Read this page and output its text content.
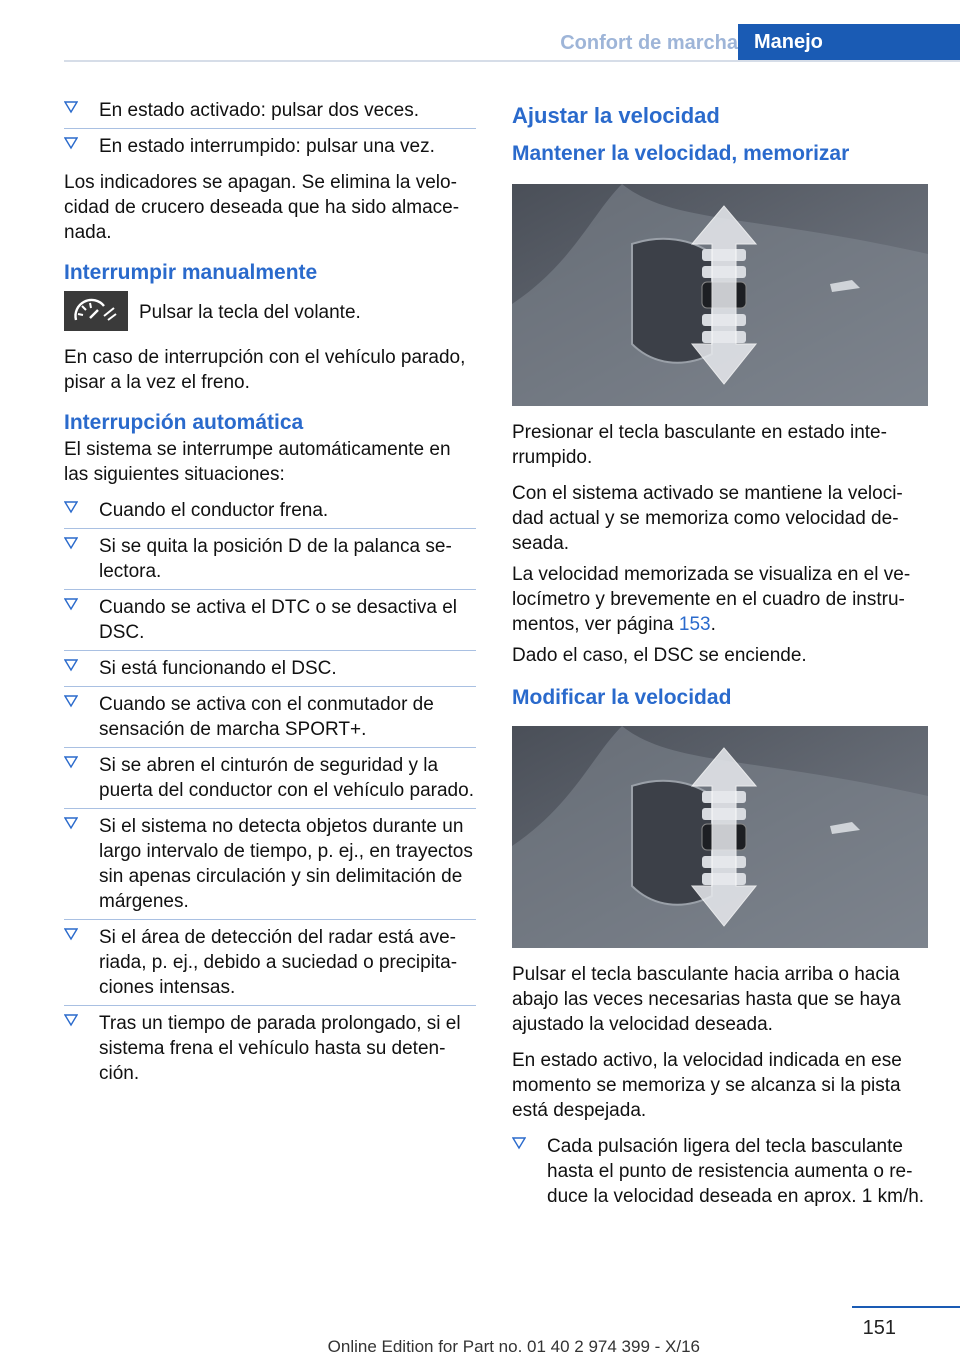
Confort de marcha Manejo
En estado activado: pulsar dos veces.
En estado interrumpido: pulsar una vez.

Los indicadores se apagan. Se elimina la velocidad de crucero deseada que ha sido almacenada.

Interrumpir manualmente
Pulsar la tecla del volante.

En caso de interrupción con el vehículo parado, pisar a la vez el freno.

Interrupción automática

El sistema se interrumpe automáticamente en las siguientes situaciones:

Cuando el conductor frena.
Si se quita la posición D de la palanca selectora.
Cuando se activa el DTC o se desactiva el DSC.
Si está funcionando el DSC.
Cuando se activa con el conmutador de sensación de marcha SPORT+.
Si se abren el cinturón de seguridad y la puerta del conductor con el vehículo parado.
Si el sistema no detecta objetos durante un largo intervalo de tiempo, p. ej., en trayectos sin apenas circulación y sin delimitación de márgenes.
Si el área de detección del radar está averiada, p. ej., debido a suciedad o precipitaciones intensas.
Tras un tiempo de parada prolongado, si el sistema frena el vehículo hasta su detención.
Ajustar la velocidad
Mantener la velocidad, memorizar

Presionar el tecla basculante en estado interrumpido.

Con el sistema activado se mantiene la velocidad actual y se memoriza como velocidad deseada.

La velocidad memorizada se visualiza en el velocímetro y brevemente en el cuadro de instrumentos, ver página 153.

Dado el caso, el DSC se enciende.

Modificar la velocidad

Pulsar el tecla basculante hacia arriba o hacia abajo las veces necesarias hasta que se haya ajustado la velocidad deseada.

En estado activo, la velocidad indicada en ese momento se memoriza y se alcanza si la pista está despejada.

Cada pulsación ligera del tecla basculante hasta el punto de resistencia aumenta o reduce la velocidad deseada en aprox. 1 km/h.
151
Online Edition for Part no. 01 40 2 974 399 - X/16
